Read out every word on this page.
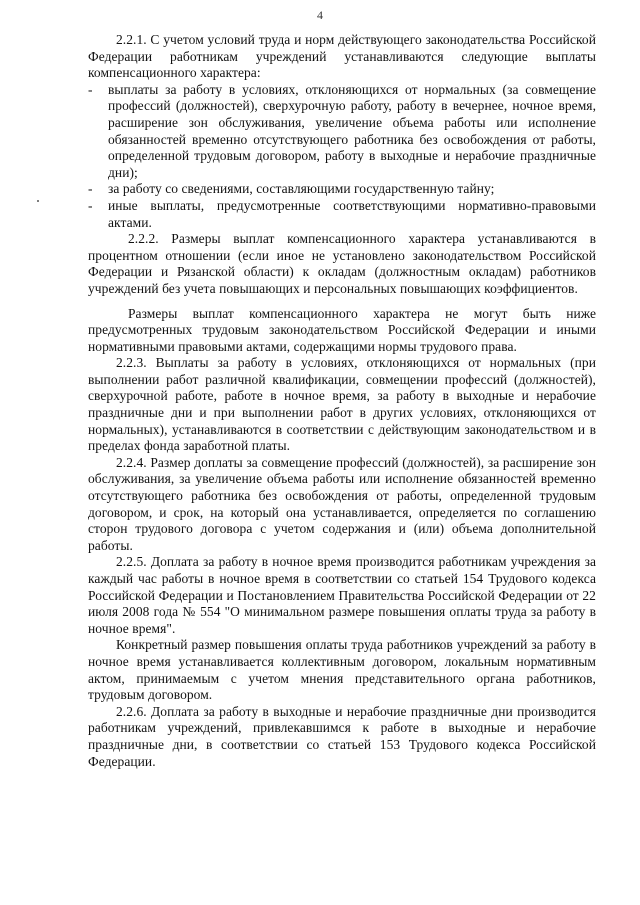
4

2.2.1. С учетом условий труда и норм действующего законодательства Российской Федерации работникам учреждений устанавливаются следующие выплаты компенсационного характера:

-	выплаты за работу в условиях, отклоняющихся от нормальных (за совмещение профессий (должностей), сверхурочную работу, работу в вечернее, ночное время, расширение зон обслуживания, увеличение объема работы или исполнение обязанностей временно отсутствующего работника без освобождения от работы, определенной трудовым договором, работу в выходные и нерабочие праздничные дни);
-	за работу со сведениями, составляющими государственную тайну;
-	иные выплаты, предусмотренные соответствующими нормативно-правовыми актами.

2.2.2. Размеры выплат компенсационного характера устанавливаются в процентном отношении (если иное не установлено законодательством Российской Федерации и Рязанской области) к окладам (должностным окладам) работников учреждений без учета повышающих и персональных повышающих коэффициентов.

Размеры выплат компенсационного характера не могут быть ниже предусмотренных трудовым законодательством Российской Федерации и иными нормативными правовыми актами, содержащими нормы трудового права.

2.2.3. Выплаты за работу в условиях, отклоняющихся от нормальных (при выполнении работ различной квалификации, совмещении профессий (должностей), сверхурочной работе, работе в ночное время, за работу в выходные и нерабочие праздничные дни и при выполнении работ в других условиях, отклоняющихся от нормальных), устанавливаются в соответствии с действующим законодательством и в пределах фонда заработной платы.

2.2.4. Размер доплаты за совмещение профессий (должностей), за расширение зон обслуживания, за увеличение объема работы или исполнение обязанностей временно отсутствующего работника без освобождения от работы, определенной трудовым договором, и срок, на который она устанавливается, определяется по соглашению сторон трудового договора с учетом содержания и (или) объема дополнительной работы.

2.2.5. Доплата за работу в ночное время производится работникам учреждения за каждый час работы в ночное время в соответствии со статьей 154 Трудового кодекса Российской Федерации и Постановлением Правительства Российской Федерации от 22 июля 2008 года № 554 "О минимальном размере повышения оплаты труда за работу в ночное время".

Конкретный размер повышения оплаты труда работников учреждений за работу в ночное время устанавливается коллективным договором, локальным нормативным актом, принимаемым с учетом мнения представительного органа работников, трудовым договором.

2.2.6. Доплата за работу в выходные и нерабочие праздничные дни производится работникам учреждений, привлекавшимся к работе в выходные и нерабочие праздничные дни, в соответствии со статьей 153 Трудового кодекса Российской Федерации.
